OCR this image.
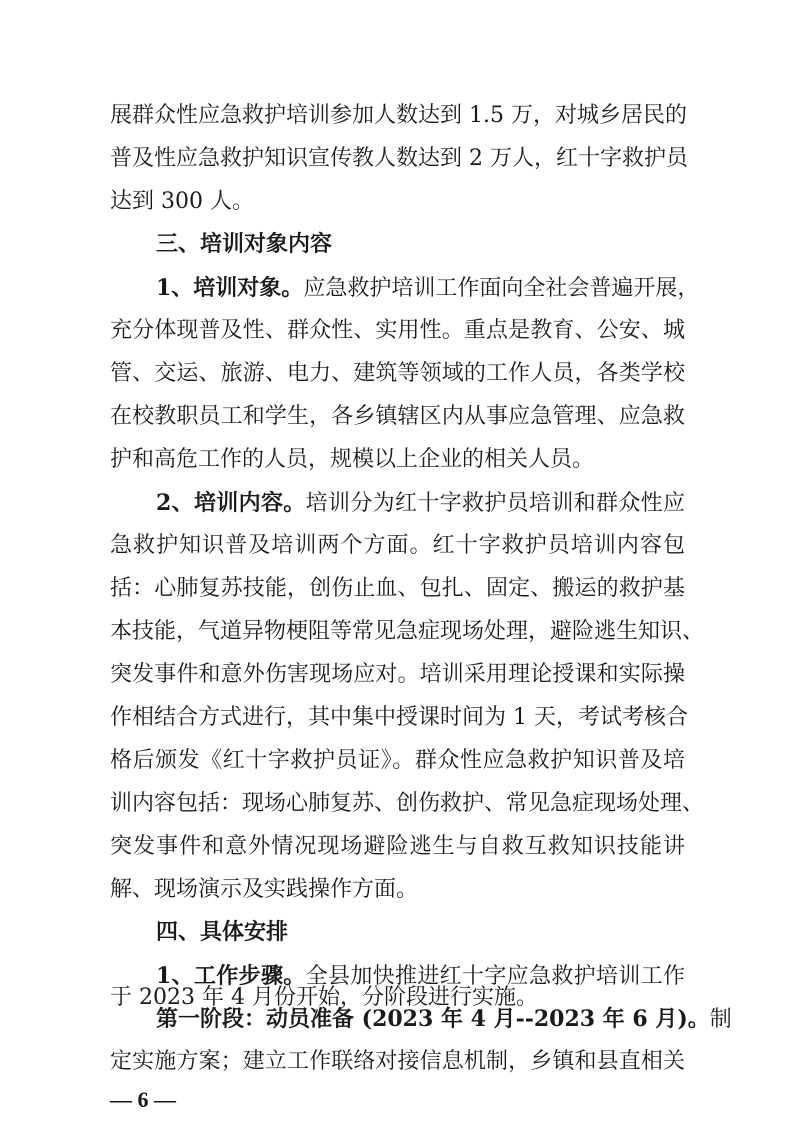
展群众性应急救护培训参加人数达到 1.5 万，对城乡居民的
普及性应急救护知识宣传教人数达到 2 万人，红十字救护员
达到 300 人。
三、培训对象内容
1、培训对象。应急救护培训工作面向全社会普遍开展，
充分体现普及性、群众性、实用性。重点是教育、公安、城
管、交运、旅游、电力、建筑等领域的工作人员，各类学校
在校教职员工和学生，各乡镇辖区内从事应急管理、应急救
护和高危工作的人员，规模以上企业的相关人员。
2、培训内容。培训分为红十字救护员培训和群众性应
急救护知识普及培训两个方面。红十字救护员培训内容包
括：心肺复苏技能，创伤止血、包扎、固定、搬运的救护基
本技能，气道异物梗阻等常见急症现场处理，避险逃生知识、
突发事件和意外伤害现场应对。培训采用理论授课和实际操
作相结合方式进行，其中集中授课时间为 1 天，考试考核合
格后颁发《红十字救护员证》。群众性应急救护知识普及培
训内容包括：现场心肺复苏、创伤救护、常见急症现场处理、
突发事件和意外情况现场避险逃生与自救互救知识技能讲
解、现场演示及实践操作方面。
四、具体安排
1、工作步骤。全县加快推进红十字应急救护培训工作
于 2023 年 4 月份开始，分阶段进行实施。
— 6 —
第一阶段：动员准备 (2023 年 4 月--2023 年 6 月)。制
定实施方案；建立工作联络对接信息机制，乡镇和县直相关
